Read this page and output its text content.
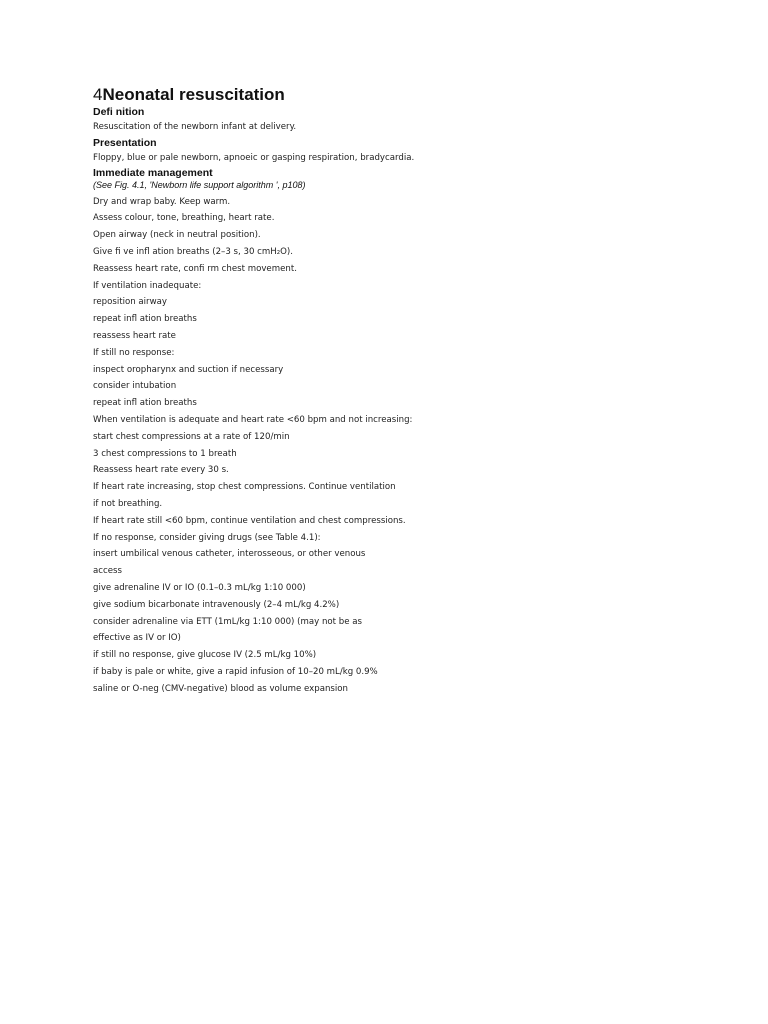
4Neonatal resuscitation
Defi nition

Resuscitation of the newborn infant at delivery.

Presentation

Floppy, blue or pale newborn, apnoeic or gasping respiration, bradycardia.

Immediate management

(See Fig. 4.1, 'Newborn life support algorithm ', p108)

Dry and wrap baby. Keep warm.

Assess colour, tone, breathing, heart rate.

Open airway (neck in neutral position).

Give fi ve infl ation breaths (2–3 s, 30 cmH₂O).

Reassess heart rate, confi rm chest movement.

If ventilation inadequate:

reposition airway

repeat infl ation breaths

reassess heart rate

If still no response:

inspect oropharynx and suction if necessary

consider intubation

repeat infl ation breaths

When ventilation is adequate and heart rate <60 bpm and not increasing:

start chest compressions at a rate of 120/min

3 chest compressions to 1 breath

Reassess heart rate every 30 s.

If heart rate increasing, stop chest compressions. Continue ventilation

if not breathing.

If heart rate still <60 bpm, continue ventilation and chest compressions.

If no response, consider giving drugs (see Table 4.1):

insert umbilical venous catheter, interosseous, or other venous

access

give adrenaline IV or IO (0.1–0.3 mL/kg 1:10 000)

give sodium bicarbonate intravenously (2–4 mL/kg 4.2%)

consider adrenaline via ETT (1mL/kg 1:10 000) (may not be as

effective as IV or IO)

if still no response, give glucose IV (2.5 mL/kg 10%)

if baby is pale or white, give a rapid infusion of 10–20 mL/kg 0.9%

saline or O-neg (CMV-negative) blood as volume expansion
